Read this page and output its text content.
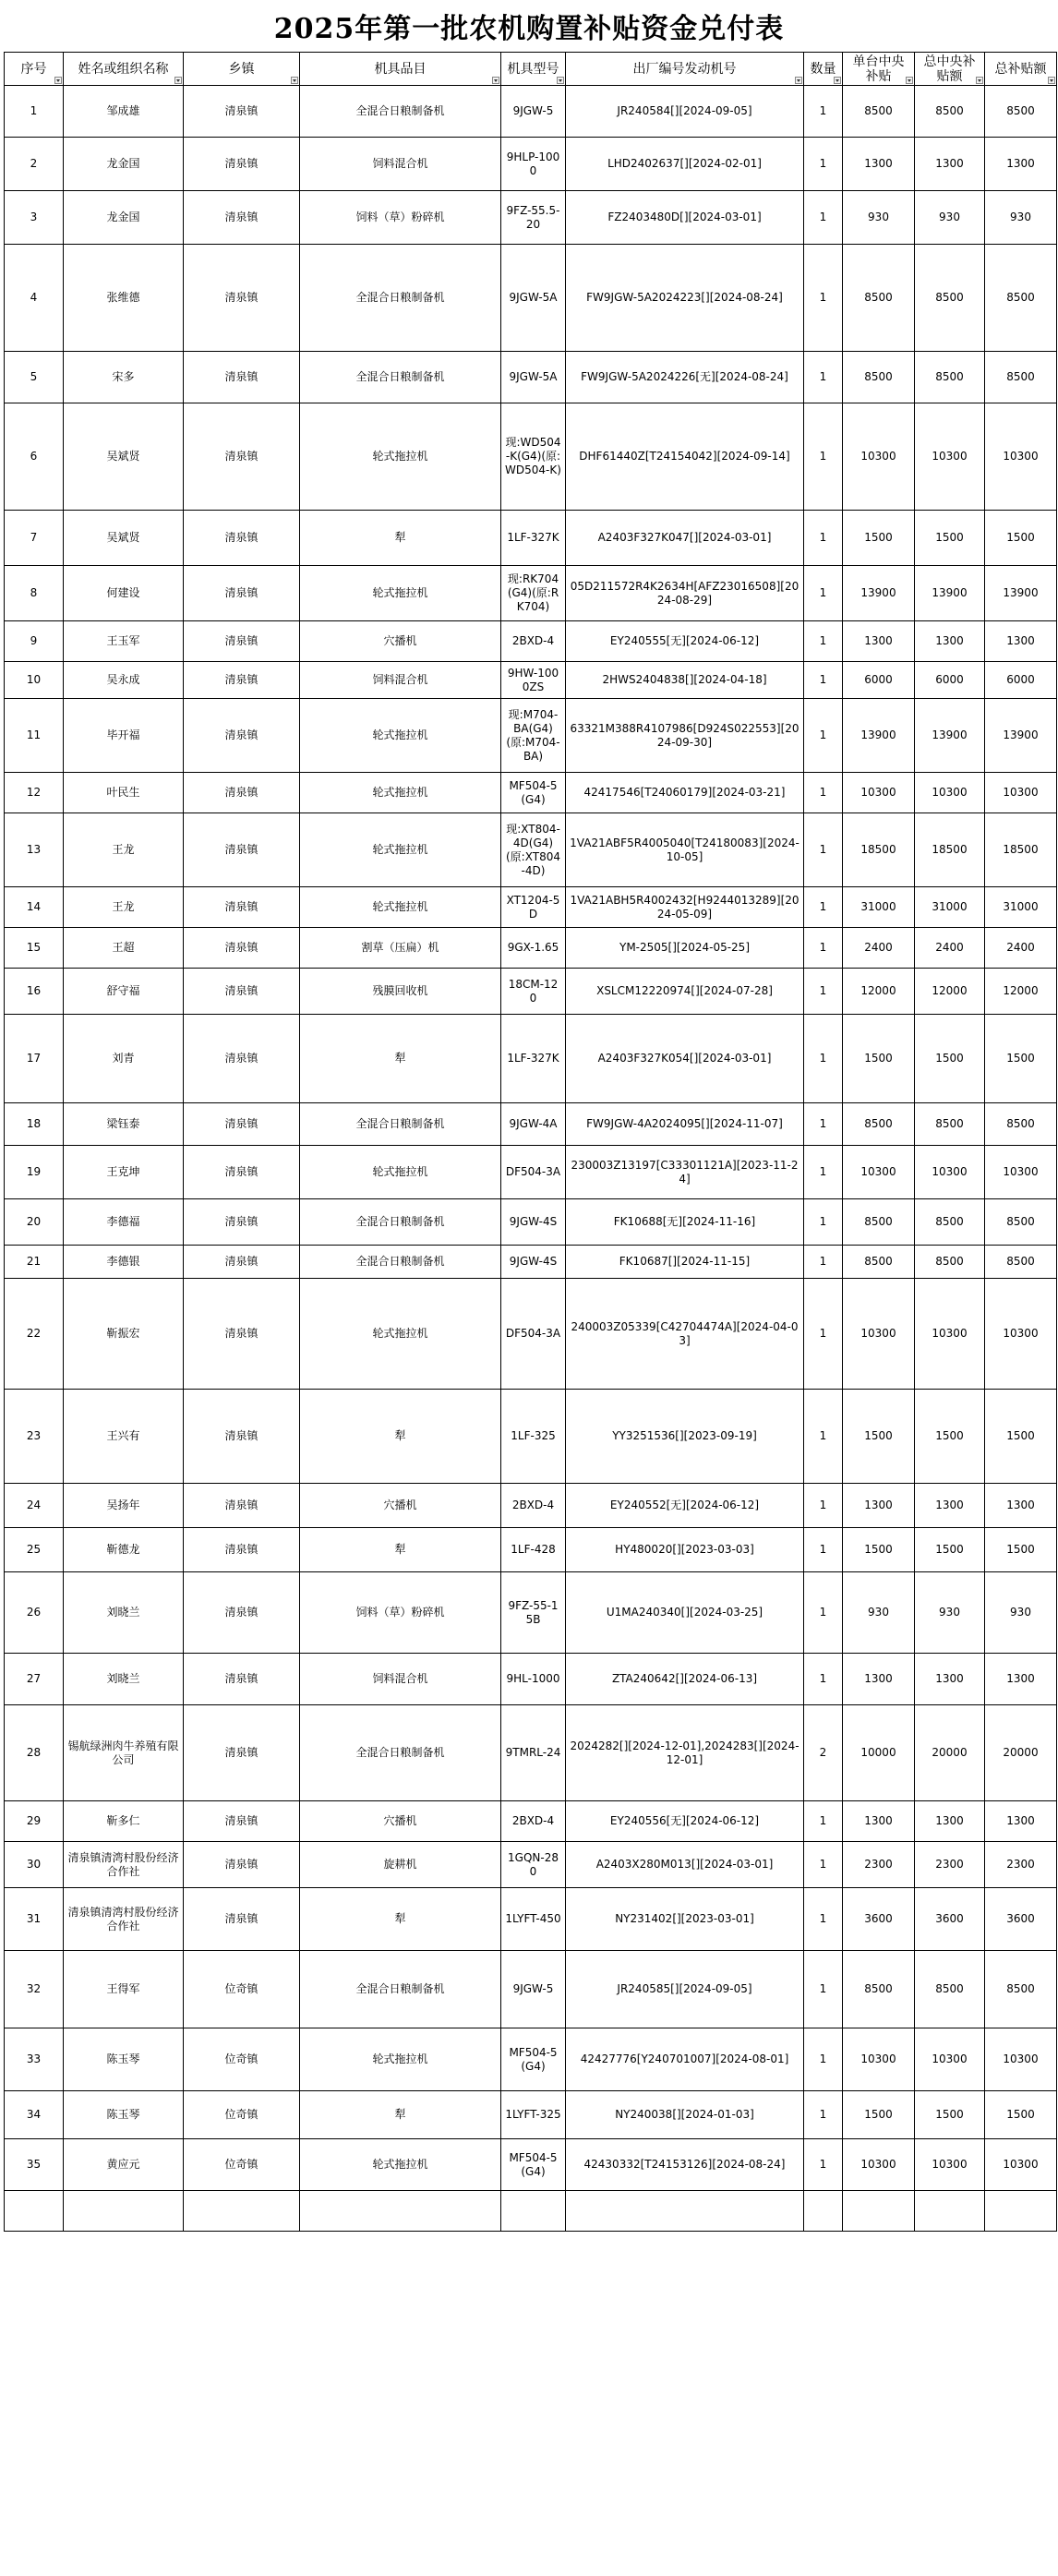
2025年第一批农机购置补贴资金兑付表
序号	姓名或组织名称	乡镇	机具品目	机具型号	出厂编号发动机号	数量	单台中央补贴	总中央补贴额	总补贴额

1	邹成雄	清泉镇	全混合日粮制备机	9JGW-5	JR240584[][2024-09-05]	1	8500	8500	8500
2	龙金国	清泉镇	饲料混合机	9HLP-1000	LHD2402637[][2024-02-01]	1	1300	1300	1300
3	龙金国	清泉镇	饲料（草）粉碎机	9FZ-55.5-20	FZ2403480D[][2024-03-01]	1	930	930	930
4	张维德	清泉镇	全混合日粮制备机	9JGW-5A	FW9JGW-5A2024223[][2024-08-24]	1	8500	8500	8500
5	宋多	清泉镇	全混合日粮制备机	9JGW-5A	FW9JGW-5A2024226[无][2024-08-24]	1	8500	8500	8500
6	吴斌贤	清泉镇	轮式拖拉机	现:WD504-K(G4)(原:WD504-K)	DHF61440Z[T24154042][2024-09-14]	1	10300	10300	10300
7	吴斌贤	清泉镇	犁	1LF-327K	A2403F327K047[][2024-03-01]	1	1500	1500	1500
8	何建设	清泉镇	轮式拖拉机	现:RK704(G4)(原:RK704)	05D211572R4K2634H[AFZ23016508][2024-08-29]	1	13900	13900	13900
9	王玉军	清泉镇	穴播机	2BXD-4	EY240555[无][2024-06-12]	1	1300	1300	1300
10	吴永成	清泉镇	饲料混合机	9HW-1000ZS	2HWS2404838[][2024-04-18]	1	6000	6000	6000
11	毕开福	清泉镇	轮式拖拉机	现:M704-BA(G4)(原:M704-BA)	63321M388R4107986[D924S022553][2024-09-30]	1	13900	13900	13900
12	叶民生	清泉镇	轮式拖拉机	MF504-5(G4)	42417546[T24060179][2024-03-21]	1	10300	10300	10300
13	王龙	清泉镇	轮式拖拉机	现:XT804-4D(G4)(原:XT804-4D)	1VA21ABF5R4005040[T24180083][2024-10-05]	1	18500	18500	18500
14	王龙	清泉镇	轮式拖拉机	XT1204-5D	1VA21ABH5R4002432[H9244013289][2024-05-09]	1	31000	31000	31000
15	王超	清泉镇	割草（压扁）机	9GX-1.65	YM-2505[][2024-05-25]	1	2400	2400	2400
16	舒守福	清泉镇	残膜回收机	18CM-120	XSLCM12220974[][2024-07-28]	1	12000	12000	12000
17	刘青	清泉镇	犁	1LF-327K	A2403F327K054[][2024-03-01]	1	1500	1500	1500
18	梁钰泰	清泉镇	全混合日粮制备机	9JGW-4A	FW9JGW-4A2024095[][2024-11-07]	1	8500	8500	8500
19	王克坤	清泉镇	轮式拖拉机	DF504-3A	230003Z13197[C33301121A][2023-11-24]	1	10300	10300	10300
20	李德福	清泉镇	全混合日粮制备机	9JGW-4S	FK10688[无][2024-11-16]	1	8500	8500	8500
21	李德银	清泉镇	全混合日粮制备机	9JGW-4S	FK10687[][2024-11-15]	1	8500	8500	8500
22	靳振宏	清泉镇	轮式拖拉机	DF504-3A	240003Z05339[C42704474A][2024-04-03]	1	10300	10300	10300
23	王兴有	清泉镇	犁	1LF-325	YY3251536[][2023-09-19]	1	1500	1500	1500
24	吴扬年	清泉镇	穴播机	2BXD-4	EY240552[无][2024-06-12]	1	1300	1300	1300
25	靳德龙	清泉镇	犁	1LF-428	HY480020[][2023-03-03]	1	1500	1500	1500
26	刘晓兰	清泉镇	饲料（草）粉碎机	9FZ-55-15B	U1MA240340[][2024-03-25]	1	930	930	930
27	刘晓兰	清泉镇	饲料混合机	9HL-1000	ZTA240642[][2024-06-13]	1	1300	1300	1300
28	锡航绿洲肉牛养殖有限公司	清泉镇	全混合日粮制备机	9TMRL-24	2024282[][2024-12-01],2024283[][2024-12-01]	2	10000	20000	20000
29	靳多仁	清泉镇	穴播机	2BXD-4	EY240556[无][2024-06-12]	1	1300	1300	1300
30	清泉镇清湾村股份经济合作社	清泉镇	旋耕机	1GQN-280	A2403X280M013[][2024-03-01]	1	2300	2300	2300
31	清泉镇清湾村股份经济合作社	清泉镇	犁	1LYFT-450	NY231402[][2023-03-01]	1	3600	3600	3600
32	王得军	位奇镇	全混合日粮制备机	9JGW-5	JR240585[][2024-09-05]	1	8500	8500	8500
33	陈玉琴	位奇镇	轮式拖拉机	MF504-5(G4)	42427776[Y240701007][2024-08-01]	1	10300	10300	10300
34	陈玉琴	位奇镇	犁	1LYFT-325	NY240038[][2024-01-03]	1	1500	1500	1500
35	黄应元	位奇镇	轮式拖拉机	MF504-5(G4)	42430332[T24153126][2024-08-24]	1	10300	10300	10300
